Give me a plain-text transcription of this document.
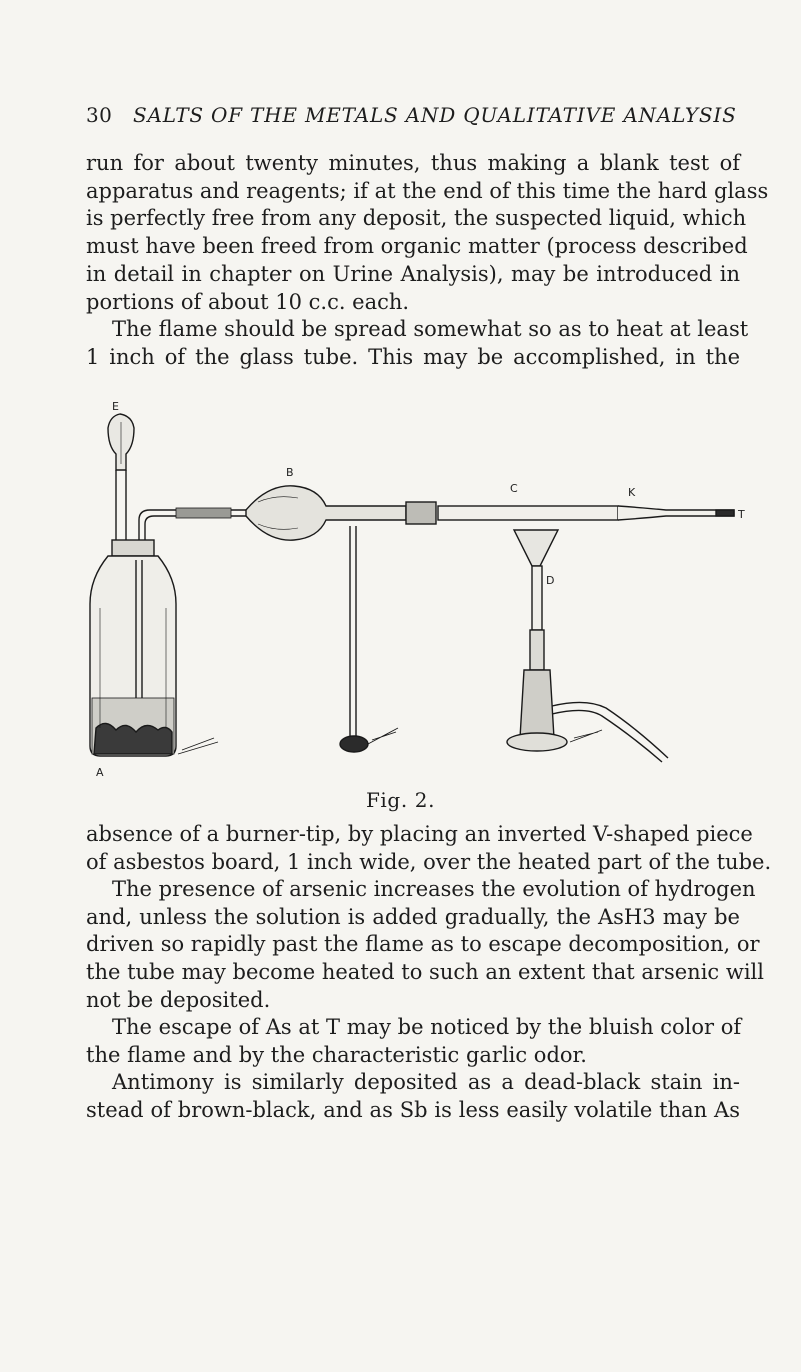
30 SALTS OF THE METALS AND QUALITATIVE ANALYSIS
run for about twenty minutes, thus making a blank test of
apparatus and reagents; if at the end of this time the hard glass
is perfectly free from any deposit, the suspected liquid, which
must have been freed from organic matter (process described
in detail in chapter on Urine Analysis), may be introduced in
portions of about 10 c.c. each.
The flame should be spread somewhat so as to heat at least
1 inch of the glass tube. This may be accomplished, in the
E
B
C	K
T
D
A
Fig. 2.
absence of a burner-tip, by placing an inverted V-shaped piece
of asbestos board, 1 inch wide, over the heated part of the tube.
The presence of arsenic increases the evolution of hydrogen
and, unless the solution is added gradually, the AsH3 may be
driven so rapidly past the flame as to escape decomposition, or
the tube may become heated to such an extent that arsenic will
not be deposited.
The escape of As at T may be noticed by the bluish color of
the flame and by the characteristic garlic odor.
Antimony is similarly deposited as a dead-black stain in-
stead of brown-black, and as Sb is less easily volatile than As
